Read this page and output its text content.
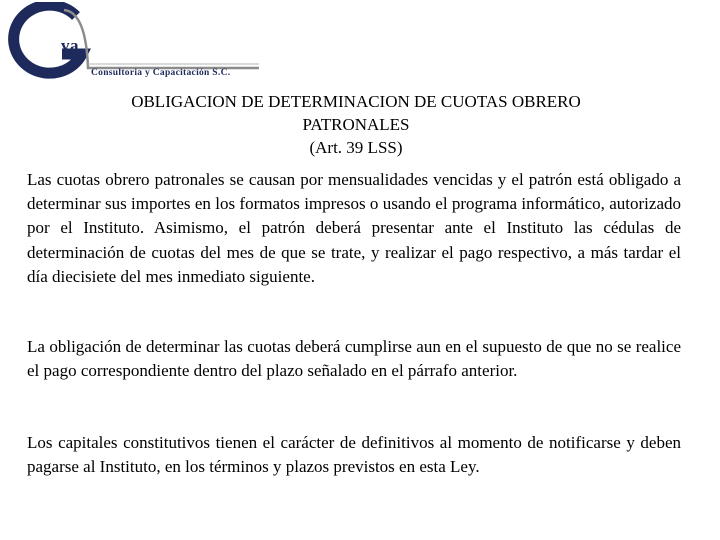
va
Consultoria y Capacitación S.C.
OBLIGACION DE DETERMINACION DE CUOTAS OBRERO
PATRONALES
(Art. 39 LSS)

Las cuotas obrero patronales se causan por mensualidades vencidas y el patrón está obligado a determinar sus importes en los formatos impresos o usando el programa informático, autorizado por el Instituto. Asimismo, el patrón deberá presentar ante el Instituto las cédulas de determinación de cuotas del mes de que se trate, y realizar el pago respectivo, a más tardar el día diecisiete del mes inmediato siguiente.

La obligación de determinar las cuotas deberá cumplirse aun en el supuesto de que no se realice el pago correspondiente dentro del plazo señalado en el párrafo anterior.

Los capitales constitutivos tienen el carácter de definitivos al momento de notificarse y deben pagarse al Instituto, en los términos y plazos previstos en esta Ley.
